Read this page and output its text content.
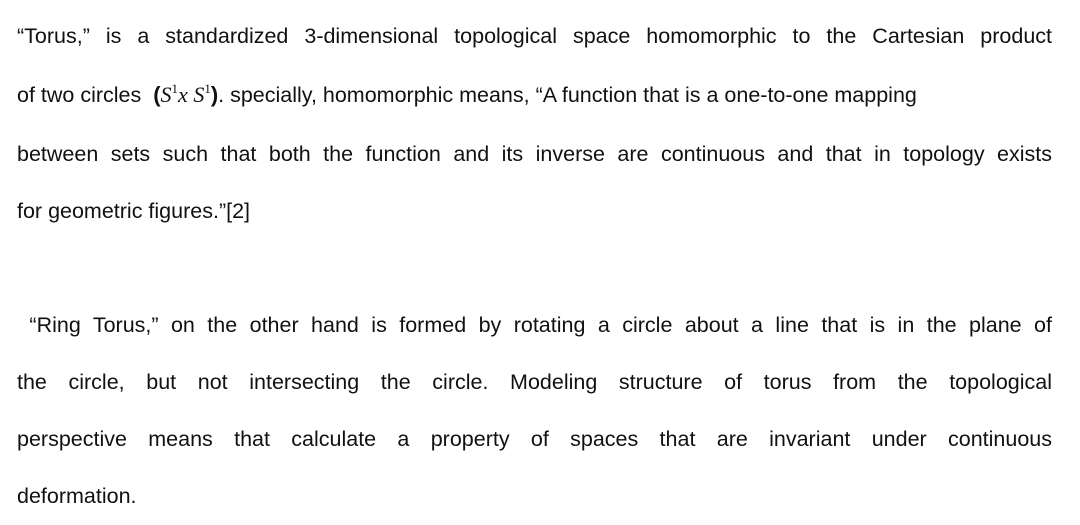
“Torus,” is a standardized 3-dimensional topological space homomorphic to the Cartesian product
of two circles ($S^1x$ $S^1$). specially, homomorphic means, “A function that is a one-to-one mapping
between sets such that both the function and its inverse are continuous and that in topology exists
for geometric figures.”[2]
“Ring Torus,” on the other hand is formed by rotating a circle about a line that is in the plane of
the circle, but not intersecting the circle. Modeling structure of torus from the topological
perspective means that calculate a property of spaces that are invariant under continuous
deformation.
